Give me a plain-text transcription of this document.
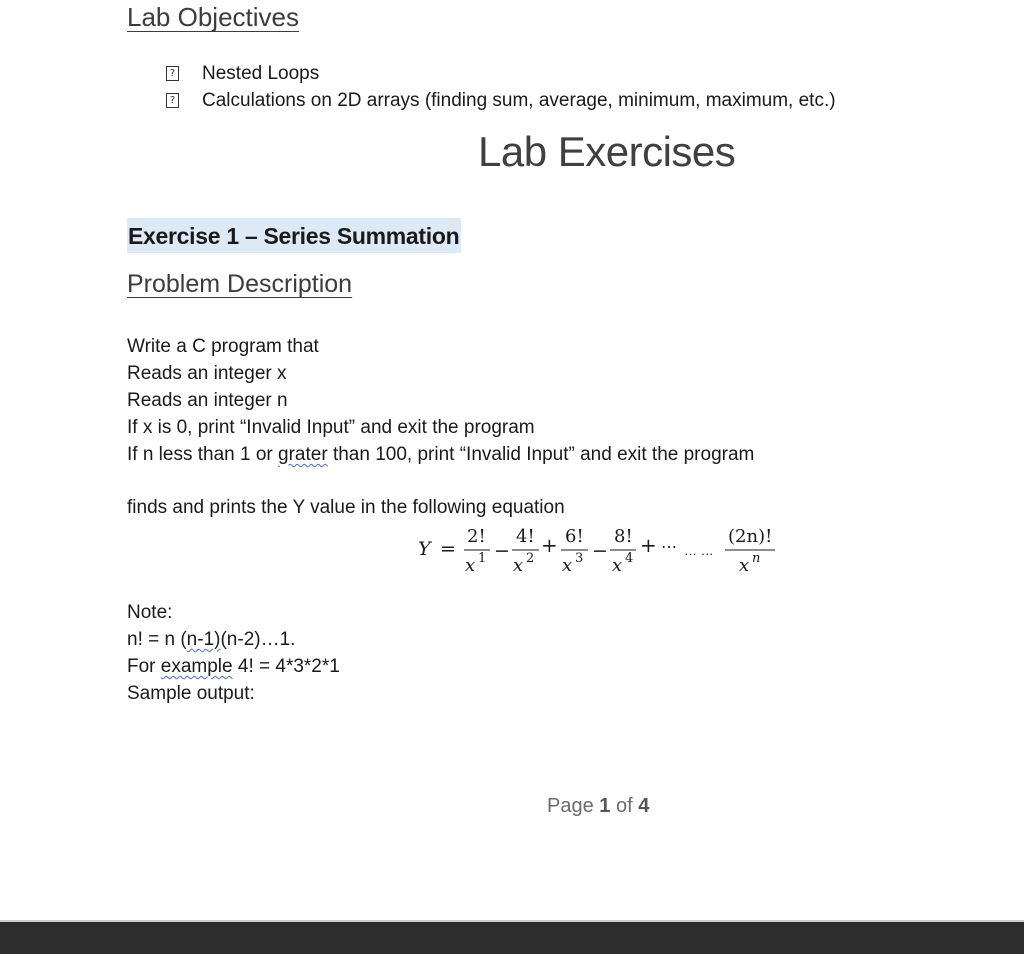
Lab Objectives
? Nested Loops
? Calculations on 2D arrays (finding sum, average, minimum, maximum, etc.)
Lab Exercises
Exercise 1 – Series Summation
Problem Description
Write a C program that
Reads an integer x
Reads an integer n
If x is 0, print “Invalid Input” and exit the program
If n less than 1 or grater than 100, print “Invalid Input” and exit the program
finds and prints the Y value in the following equation
Y =
2!
x 1 −
4!
x 2
+ 6!
x 3 −
8!
x 4
+ ⋯ … …
(2n)!
x n
Note:
n! = n (n-1)(n-2)…1.
For example 4! = 4*3*2*1
Sample output:
Page 1 of 4
